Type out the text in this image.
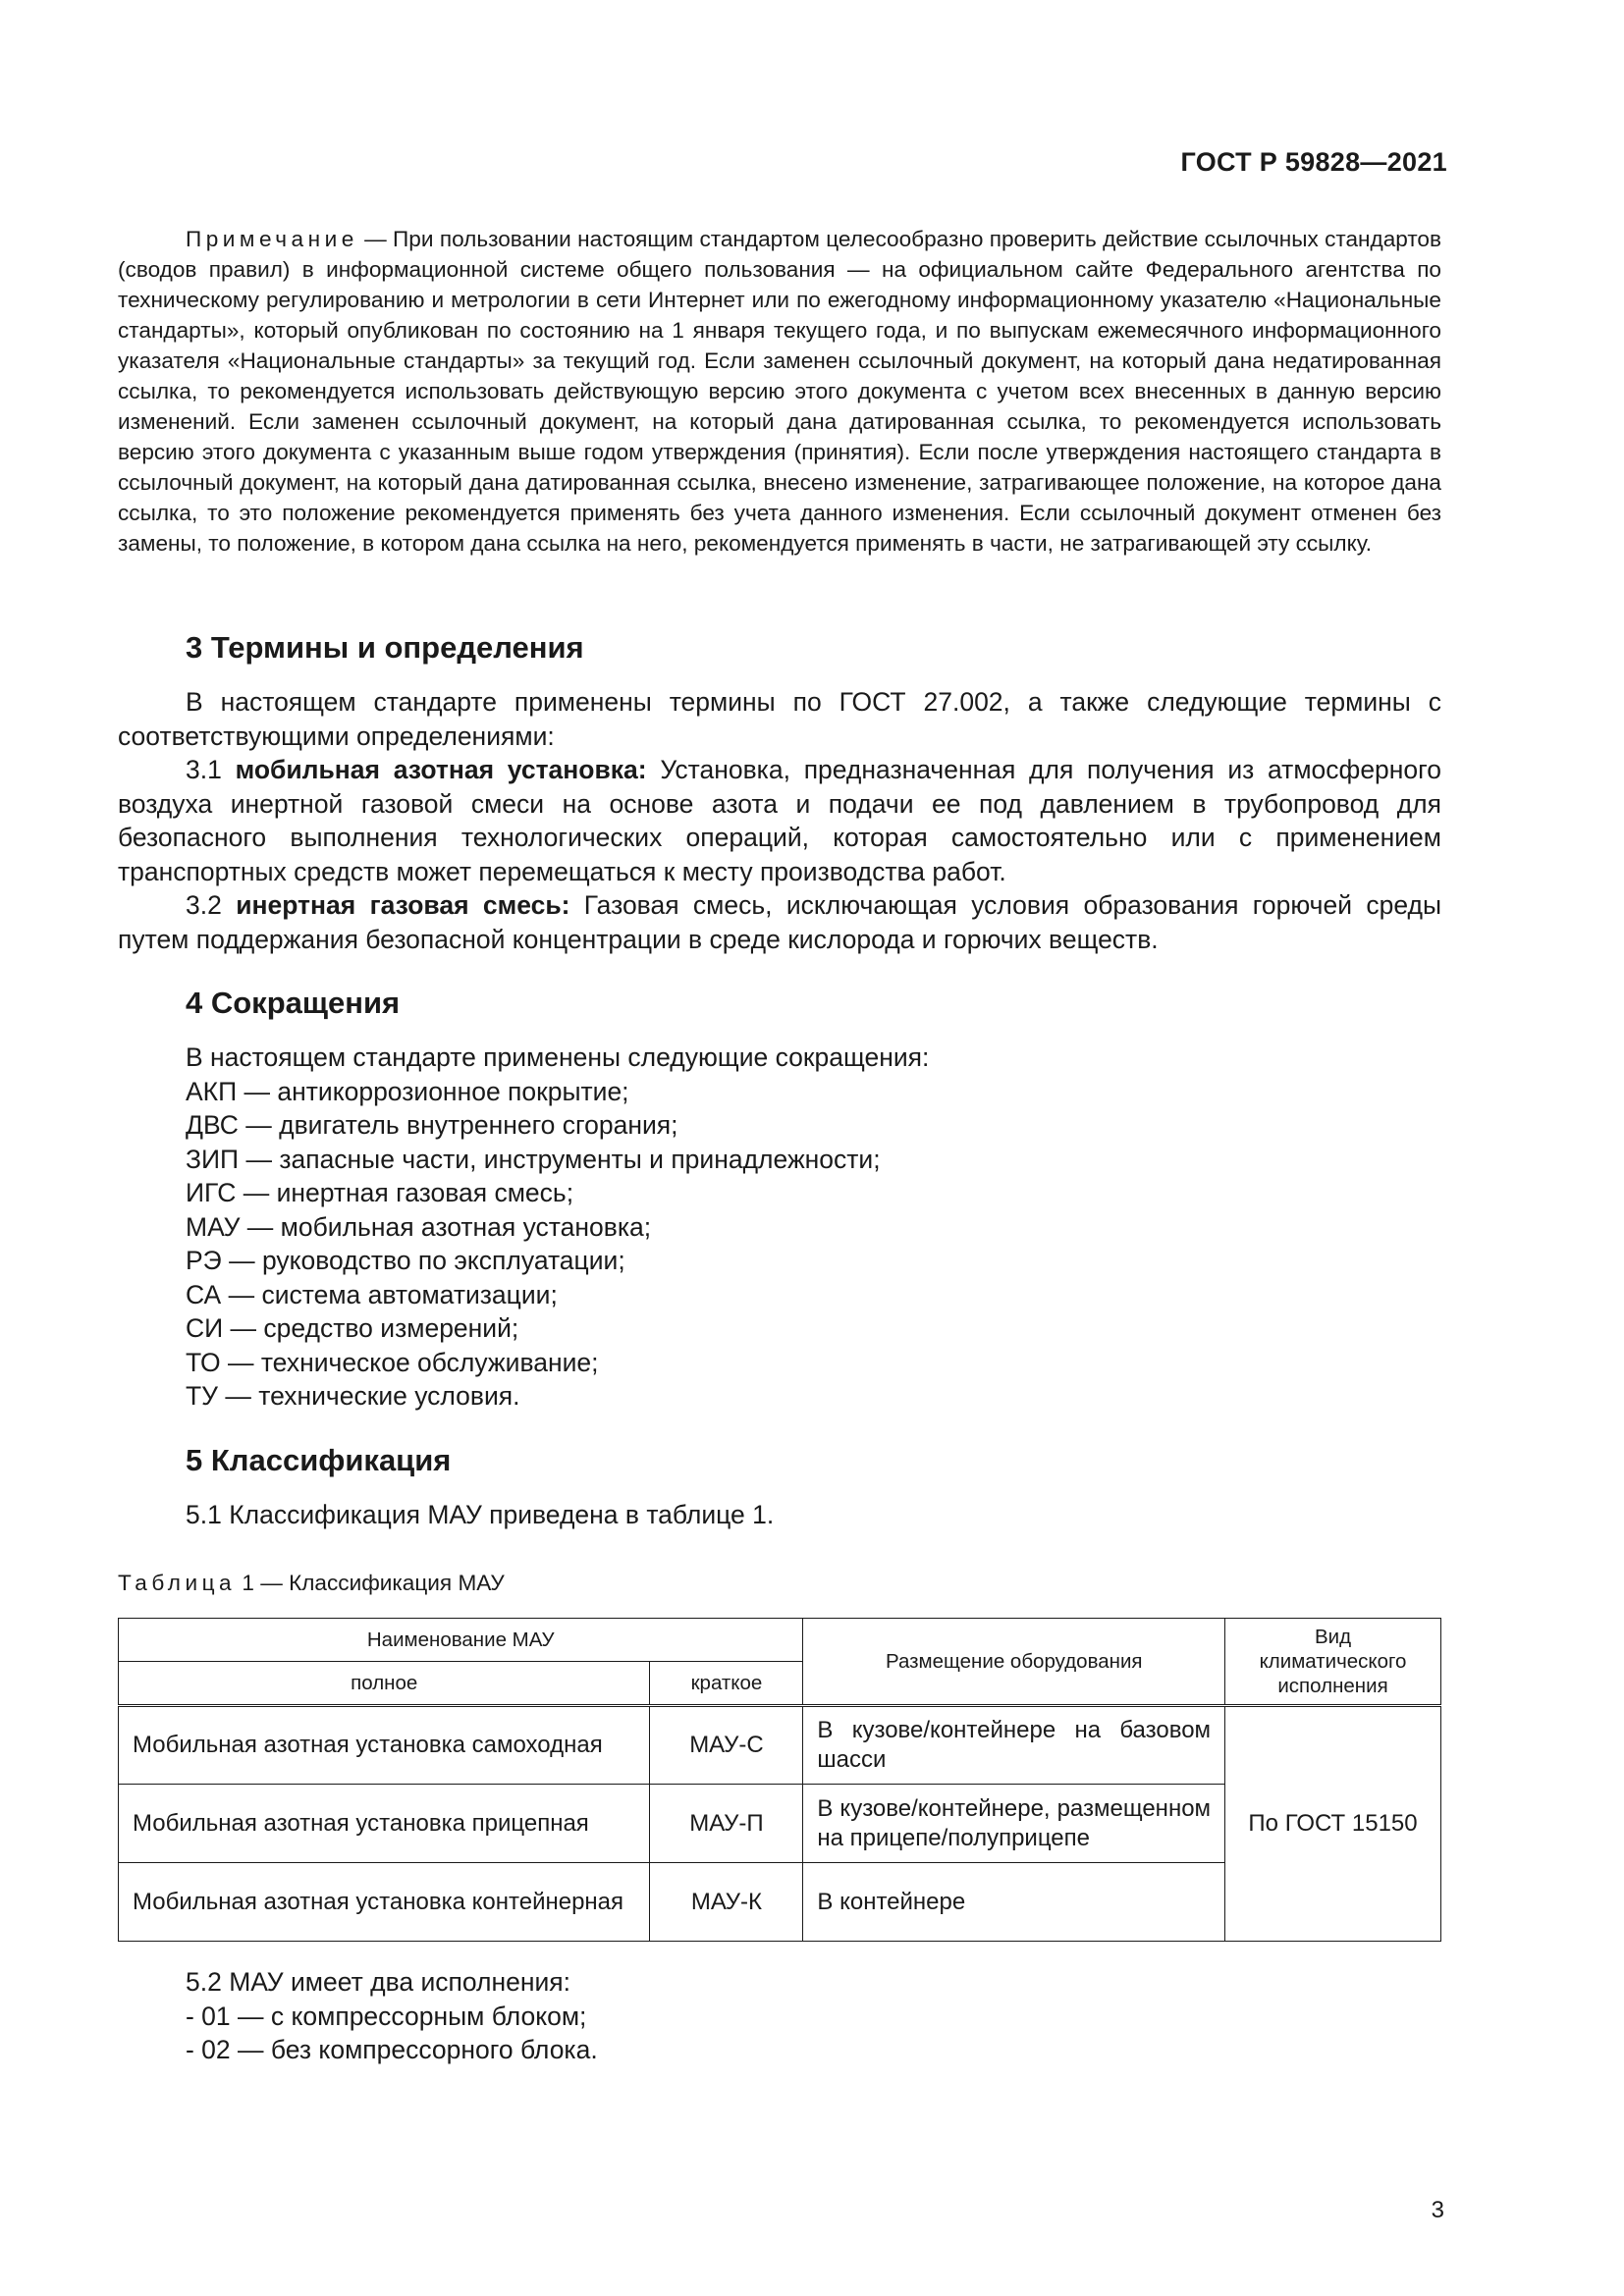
ГОСТ Р 59828—2021

Примечание — При пользовании настоящим стандартом целесообразно проверить действие ссылочных стандартов (сводов правил) в информационной системе общего пользования — на официальном сайте Федерального агентства по техническому регулированию и метрологии в сети Интернет или по ежегодному информационному указателю «Национальные стандарты», который опубликован по состоянию на 1 января текущего года, и по выпускам ежемесячного информационного указателя «Национальные стандарты» за текущий год. Если заменен ссылочный документ, на который дана недатированная ссылка, то рекомендуется использовать действующую версию этого документа с учетом всех внесенных в данную версию изменений. Если заменен ссылочный документ, на который дана датированная ссылка, то рекомендуется использовать версию этого документа с указанным выше годом утверждения (принятия). Если после утверждения настоящего стандарта в ссылочный документ, на который дана датированная ссылка, внесено изменение, затрагивающее положение, на которое дана ссылка, то это положение рекомендуется применять без учета данного изменения. Если ссылочный документ отменен без замены, то положение, в котором дана ссылка на него, рекомендуется применять в части, не затрагивающей эту ссылку.

3 Термины и определения

В настоящем стандарте применены термины по ГОСТ 27.002, а также следующие термины с соответствующими определениями:

3.1 мобильная азотная установка: Установка, предназначенная для получения из атмосферного воздуха инертной газовой смеси на основе азота и подачи ее под давлением в трубопровод для безопасного выполнения технологических операций, которая самостоятельно или с применением транспортных средств может перемещаться к месту производства работ.

3.2 инертная газовая смесь: Газовая смесь, исключающая условия образования горючей среды путем поддержания безопасной концентрации в среде кислорода и горючих веществ.

4 Сокращения

В настоящем стандарте применены следующие сокращения:

АКП — антикоррозионное покрытие;
ДВС — двигатель внутреннего сгорания;
ЗИП — запасные части, инструменты и принадлежности;
ИГС — инертная газовая смесь;
МАУ — мобильная азотная установка;
РЭ — руководство по эксплуатации;
СА — система автоматизации;
СИ — средство измерений;
ТО — техническое обслуживание;
ТУ — технические условия.
5 Классификация

5.1 Классификация МАУ приведена в таблице 1.

Таблица 1 — Классификация МАУ
Наименование МАУ		Размещение оборудования	Вид климатического исполнения
полное	краткое		
Мобильная азотная установка самоходная	МАУ-С	В кузове/контейнере на базовом шасси	По ГОСТ 15150
Мобильная азотная установка прицепная	МАУ-П	В кузове/контейнере, размещенном на прицепе/полуприцепе	
Мобильная азотная установка контейнерная	МАУ-К	В контейнере	

5.2 МАУ имеет два исполнения:

- 01 — с компрессорным блоком;

- 02 — без компрессорного блока.

3
